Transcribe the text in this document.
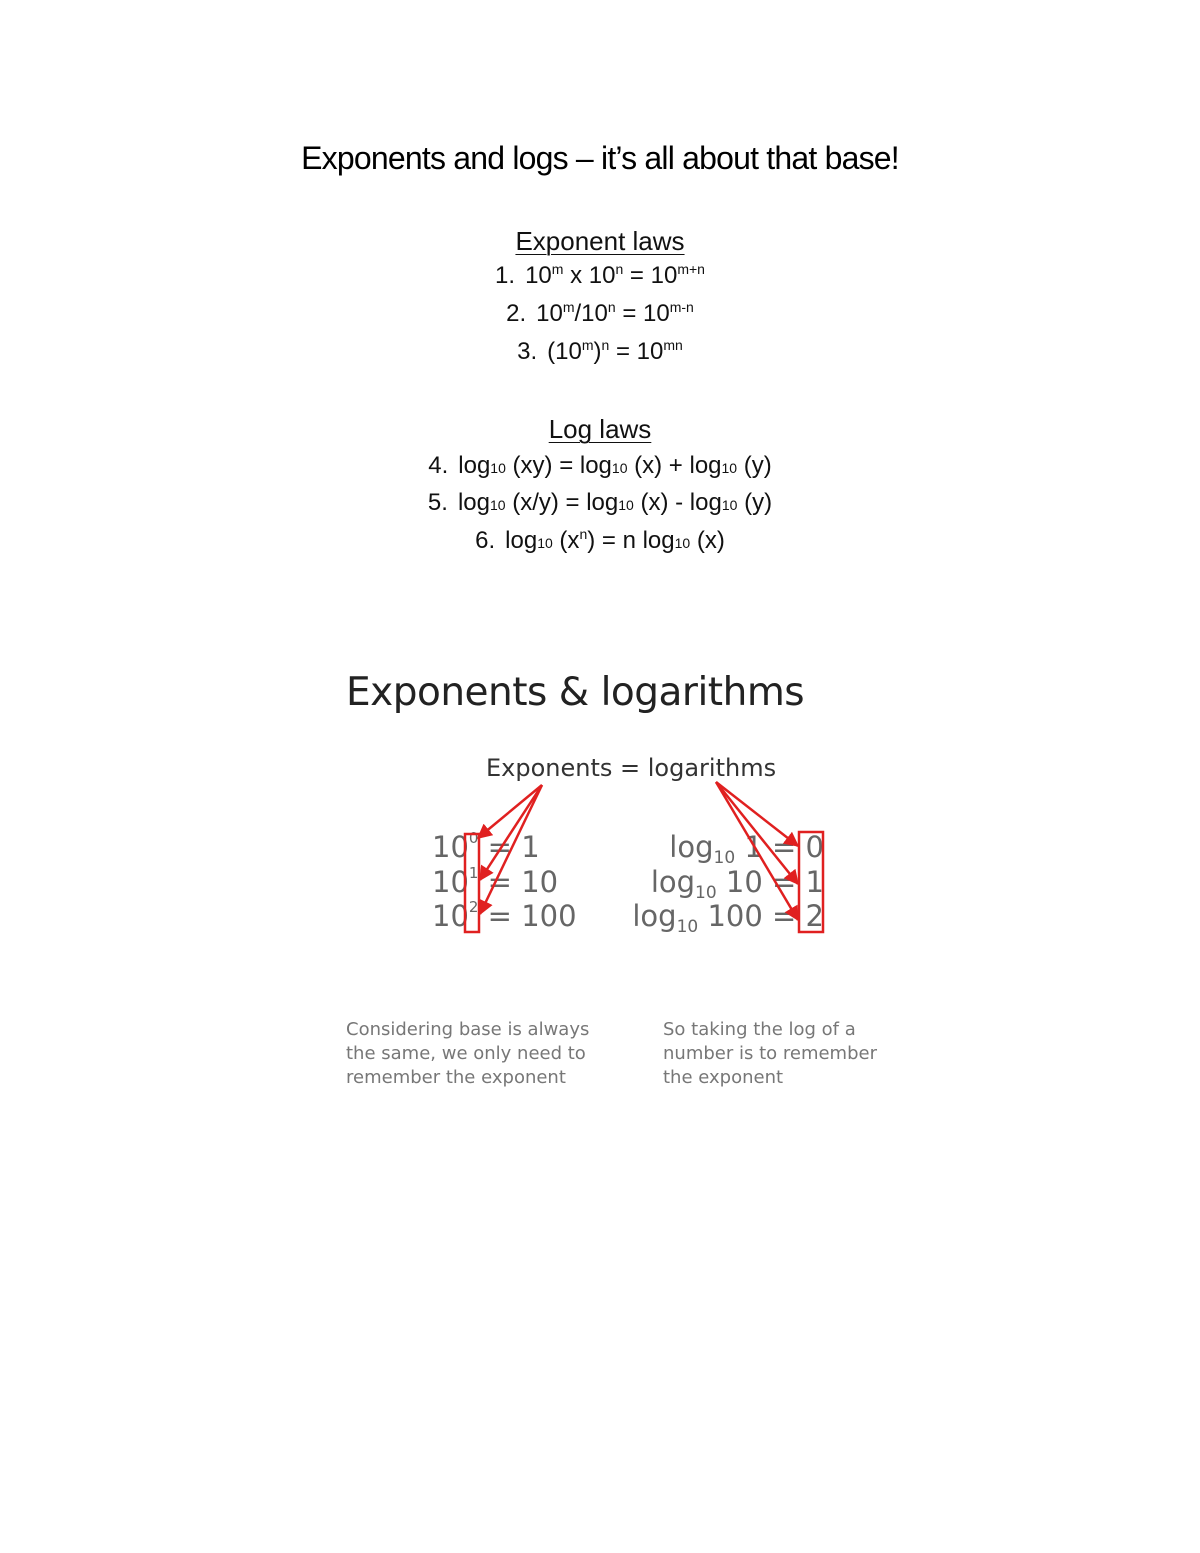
Exponents and logs – it’s all about that base!
Exponent laws
1. 10$^m$ x $10^n = 10^{m+n}$
2. $10^m/10^n = 10^{m-n}$
3. $(10^m)^n = 10^{mn}$
Log laws
4. log10 (xy) = log10 (x) + log10 (y)
5. log10 (x/y) = log10 (x) - log10 (y)
6. log10 $(x^n) = n$ log10 (x)
Exponents & logarithms
Exponents = logarithms
$10^0 = 1$
$10^1 = 10$
$10^2 = 100$
$\log_{10} 1 = 0$
$\log_{10} 10 = 1$
$\log_{10} 100 = 2$
Considering base is always
the same, we only need to
remember the exponent
So taking the log of a
number is to remember
the exponent
